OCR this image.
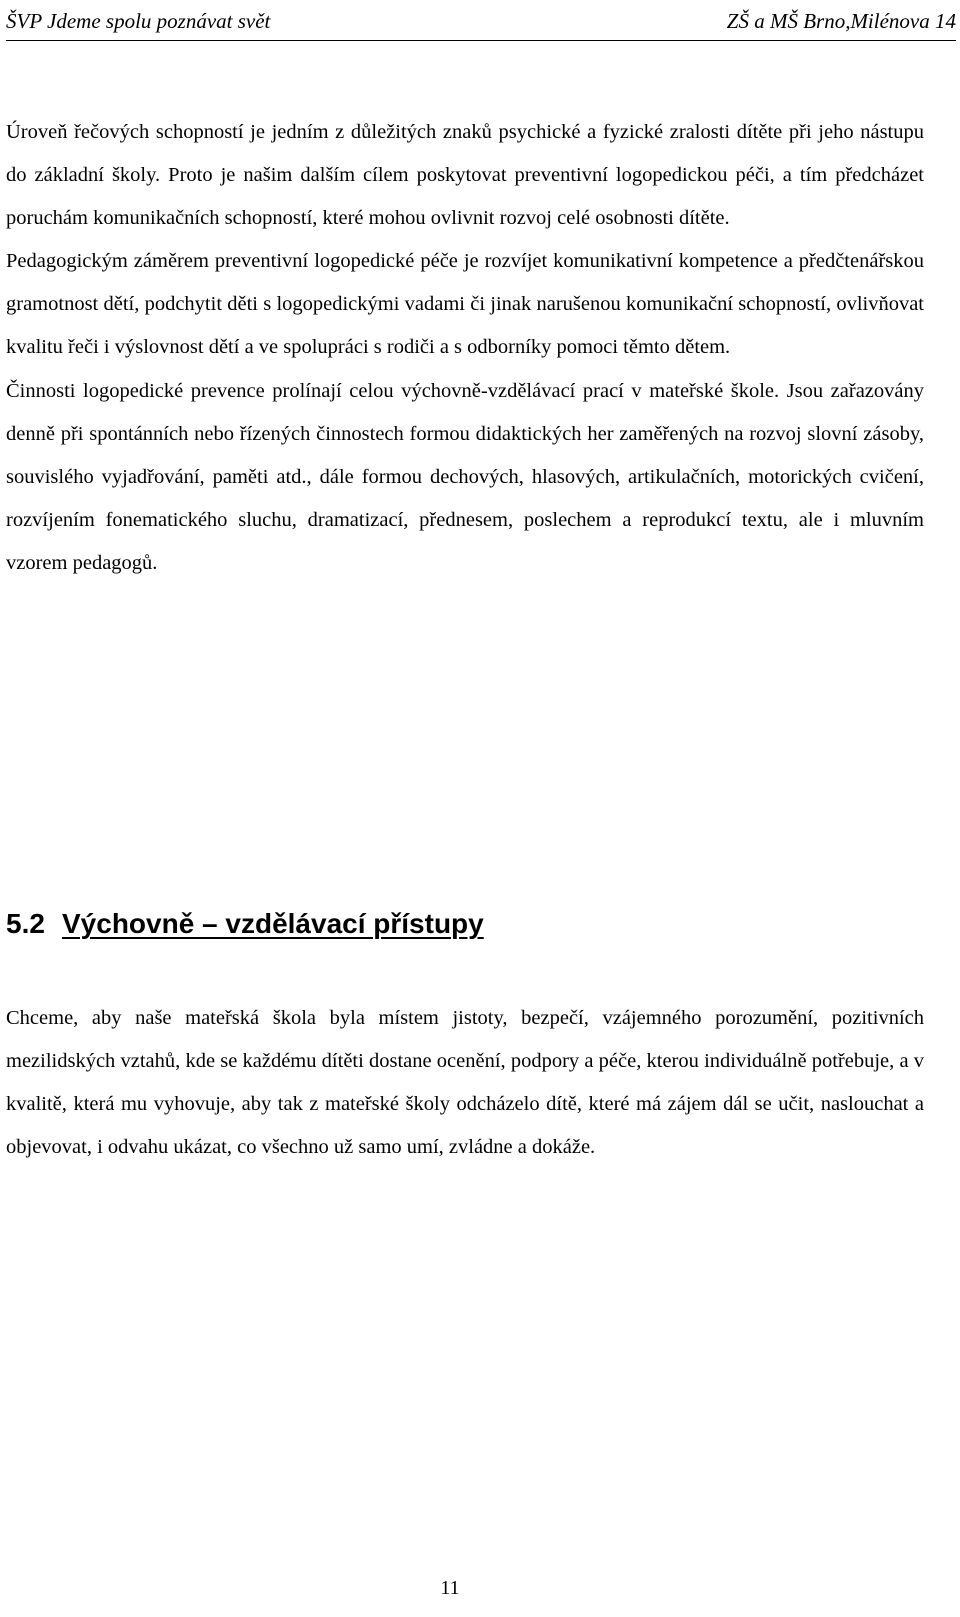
ŠVP Jdeme spolu poznávat svět	ZŠ a MŠ Brno,Milénova 14

Úroveň řečových schopností je jedním z důležitých znaků psychické a fyzické zralosti dítěte při jeho nástupu do základní školy. Proto je našim dalším cílem poskytovat preventivní logopedickou péči, a tím předcházet poruchám komunikačních schopností, které mohou ovlivnit rozvoj celé osobnosti dítěte.

Pedagogickým záměrem preventivní logopedické péče je rozvíjet komunikativní kompetence a předčtenářskou gramotnost dětí, podchytit děti s logopedickými vadami či jinak narušenou komunikační schopností, ovlivňovat kvalitu řeči i výslovnost dětí a ve spolupráci s rodiči a s odborníky pomoci těmto dětem.

Činnosti logopedické prevence prolínají celou výchovně-vzdělávací prací v mateřské škole. Jsou zařazovány denně při spontánních nebo řízených činnostech formou didaktických her zaměřených na rozvoj slovní zásoby, souvislého vyjadřování, paměti atd., dále formou dechových, hlasových, artikulačních, motorických cvičení, rozvíjením fonematického sluchu, dramatizací, přednesem, poslechem a reprodukcí textu, ale i mluvním vzorem pedagogů.

5.2 Výchovně – vzdělávací přístupy

Chceme, aby naše mateřská škola byla místem jistoty, bezpečí, vzájemného porozumění, pozitivních mezilidských vztahů, kde se každému dítěti dostane ocenění, podpory a péče, kterou individuálně potřebuje, a v kvalitě, která mu vyhovuje, aby tak z mateřské školy odcházelo dítě, které má zájem dál se učit, naslouchat a objevovat, i odvahu ukázat, co všechno už samo umí, zvládne a dokáže.

11
